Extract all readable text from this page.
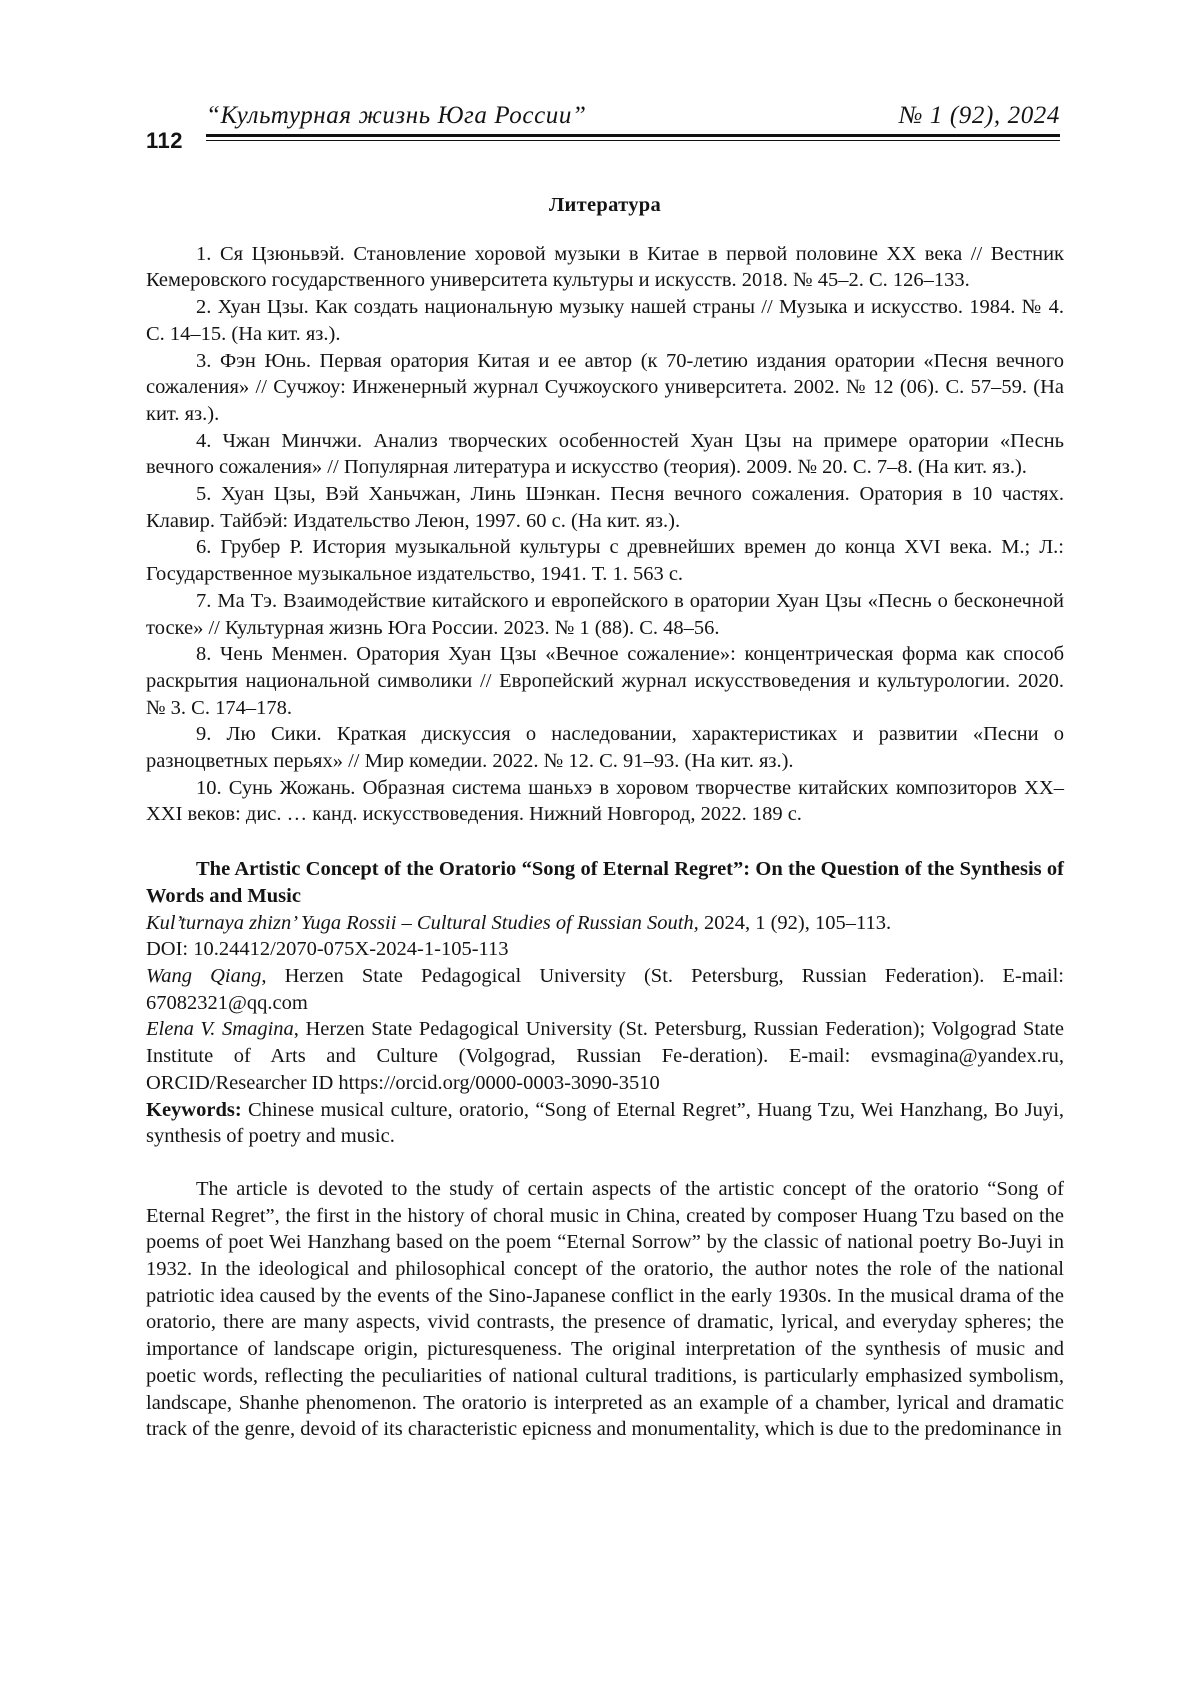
112
“Культурная жизнь Юга России”	№ 1 (92), 2024
Литература
1. Ся Цзюньвэй. Становление хоровой музыки в Китае в первой половине XX века // Вестник Кемеровского государственного университета культуры и искусств. 2018. № 45–2. С. 126–133.
2. Хуан Цзы. Как создать национальную музыку нашей страны // Музыка и искусство. 1984. № 4. С. 14–15. (На кит. яз.).
3. Фэн Юнь. Первая оратория Китая и ее автор (к 70-летию издания оратории «Песня вечного сожаления» // Сучжоу: Инженерный журнал Сучжоуского университета. 2002. № 12 (06). С. 57–59. (На кит. яз.).
4. Чжан Минчжи. Анализ творческих особенностей Хуан Цзы на примере оратории «Песнь вечного сожаления» // Популярная литература и искусство (теория). 2009. № 20. С. 7–8. (На кит. яз.).
5. Хуан Цзы, Вэй Ханьчжан, Линь Шэнкан. Песня вечного сожаления. Оратория в 10 частях. Клавир. Тайбэй: Издательство Леюн, 1997. 60 с. (На кит. яз.).
6. Грубер Р. История музыкальной культуры с древнейших времен до конца XVI века. М.; Л.: Государственное музыкальное издательство, 1941. Т. 1. 563 с.
7. Ма Тэ. Взаимодействие китайского и европейского в оратории Хуан Цзы «Песнь о бесконечной тоске» // Культурная жизнь Юга России. 2023. № 1 (88). С. 48–56.
8. Чень Менмен. Оратория Хуан Цзы «Вечное сожаление»: концентрическая форма как способ раскрытия национальной символики // Европейский журнал искусствоведения и культурологии. 2020. № 3. С. 174–178.
9. Лю Сики. Краткая дискуссия о наследовании, характеристиках и развитии «Песни о разноцветных перьях» // Мир комедии. 2022. № 12. С. 91–93. (На кит. яз.).
10. Сунь Жожань. Образная система шаньхэ в хоровом творчестве китайских композиторов XX–XXI веков: дис. … канд. искусствоведения. Нижний Новгород, 2022. 189 с.

The Artistic Concept of the Oratorio “Song of Eternal Regret”: On the Question of the Synthesis of Words and Music

Kul’turnaya zhizn’ Yuga Rossii – Cultural Studies of Russian South, 2024, 1 (92), 105–113.

DOI: 10.24412/2070-075X-2024-1-105-113

Wang Qiang, Herzen State Pedagogical University (St. Petersburg, Russian Federation). E-mail: 67082321@qq.com

Elena V. Smagina, Herzen State Pedagogical University (St. Petersburg, Russian Federation); Volgograd State Institute of Arts and Culture (Volgograd, Russian Fe-deration). E-mail: evsmagina@yandex.ru, ORCID/Researcher ID https://orcid.org/0000-0003-3090-3510

Keywords: Chinese musical culture, oratorio, “Song of Eternal Regret”, Huang Tzu, Wei Hanzhang, Bo Juyi, synthesis of poetry and music.

The article is devoted to the study of certain aspects of the artistic concept of the oratorio “Song of Eternal Regret”, the first in the history of choral music in China, created by composer Huang Tzu based on the poems of poet Wei Hanzhang based on the poem “Eternal Sorrow” by the classic of national poetry Bo-Juyi in 1932. In the ideological and philosophical concept of the oratorio, the author notes the role of the national patriotic idea caused by the events of the Sino-Japanese conflict in the early 1930s. In the musical drama of the oratorio, there are many aspects, vivid contrasts, the presence of dramatic, lyrical, and everyday spheres; the importance of landscape origin, picturesqueness. The original interpretation of the synthesis of music and poetic words, reflecting the peculiarities of national cultural traditions, is particularly emphasized symbolism, landscape, Shanhe phenomenon. The oratorio is interpreted as an example of a chamber, lyrical and dramatic track of the genre, devoid of its characteristic epicness and monumentality, which is due to the predominance in
